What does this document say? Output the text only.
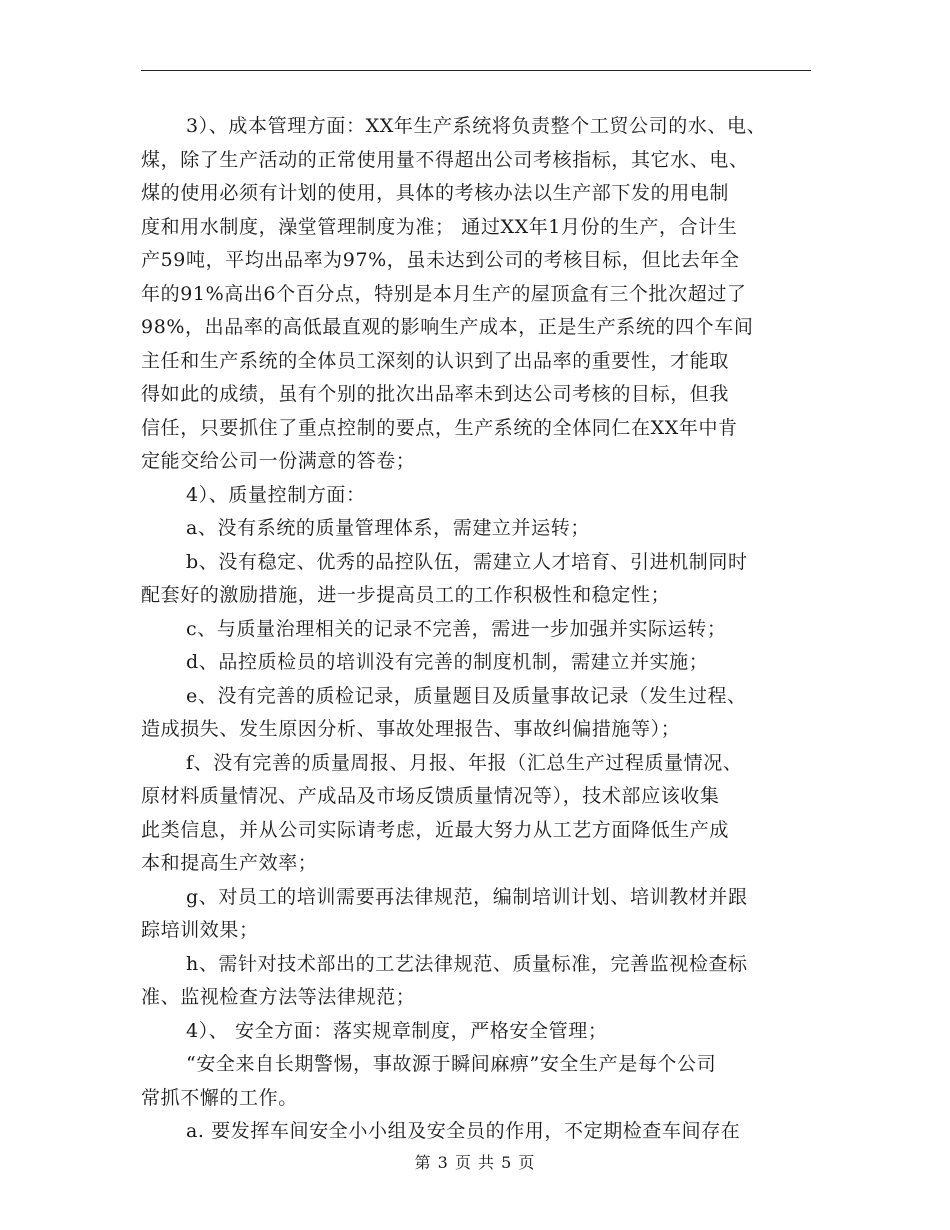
3）、成本管理方面：XX年生产系统将负责整个工贸公司的水、电、
煤，除了生产活动的正常使用量不得超出公司考核指标，其它水、电、
煤的使用必须有计划的使用，具体的考核办法以生产部下发的用电制
度和用水制度，澡堂管理制度为准； 通过XX年1月份的生产，合计生
产59吨，平均出品率为97%，虽未达到公司的考核目标，但比去年全
年的91%高出6个百分点，特别是本月生产的屋顶盒有三个批次超过了
98%，出品率的高低最直观的影响生产成本，正是生产系统的四个车间
主任和生产系统的全体员工深刻的认识到了出品率的重要性，才能取
得如此的成绩，虽有个别的批次出品率未到达公司考核的目标，但我
信任，只要抓住了重点控制的要点，生产系统的全体同仁在XX年中肯
定能交给公司一份满意的答卷；
4）、质量控制方面：
a、没有系统的质量管理体系，需建立并运转；
b、没有稳定、优秀的品控队伍，需建立人才培育、引进机制同时
配套好的激励措施，进一步提高员工的工作积极性和稳定性；
c、与质量治理相关的记录不完善，需进一步加强并实际运转；
d、品控质检员的培训没有完善的制度机制，需建立并实施；
e、没有完善的质检记录，质量题目及质量事故记录（发生过程、
造成损失、发生原因分析、事故处理报告、事故纠偏措施等）；
f、没有完善的质量周报、月报、年报（汇总生产过程质量情况、
原材料质量情况、产成品及市场反馈质量情况等），技术部应该收集
此类信息，并从公司实际请考虑，近最大努力从工艺方面降低生产成
本和提高生产效率；
g、对员工的培训需要再法律规范，编制培训计划、培训教材并跟
踪培训效果；
h、需针对技术部出的工艺法律规范、质量标准，完善监视检查标
准、监视检查方法等法律规范；
4）、 安全方面：落实规章制度，严格安全管理；
“安全来自长期警惕，事故源于瞬间麻痹”安全生产是每个公司
常抓不懈的工作。
a. 要发挥车间安全小小组及安全员的作用，不定期检查车间存在
第 3 页 共 5 页
